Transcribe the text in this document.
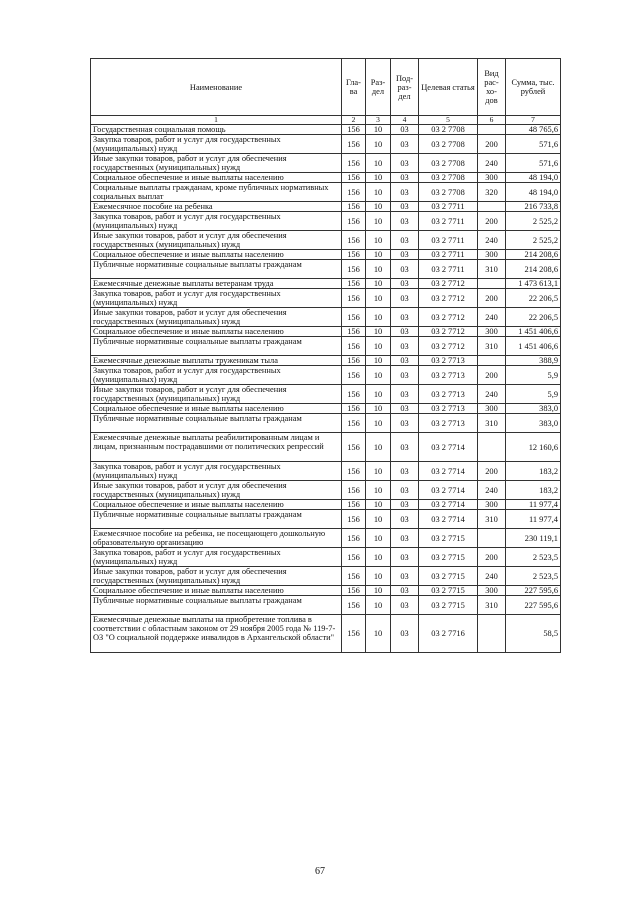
Наименование	Гла-ва	Раз-дел	Под-раз-дел	Целевая статья	Вид рас-хо-дов	Сумма, тыс. рублей
1	2	3	4	5	6	7
Государственная социальная помощь	156	10	03	03 2 7708		48 765,6
Закупка товаров, работ и услуг для государственных (муниципальных) нужд	156	10	03	03 2 7708	200	571,6
Иные закупки товаров, работ и услуг для обеспечения государственных (муниципальных) нужд	156	10	03	03 2 7708	240	571,6
Социальное обеспечение и иные выплаты населению	156	10	03	03 2 7708	300	48 194,0
Социальные выплаты гражданам, кроме публичных нормативных социальных выплат	156	10	03	03 2 7708	320	48 194,0
Ежемесячное пособие на ребенка	156	10	03	03 2 7711		216 733,8
Закупка товаров, работ и услуг для государственных (муниципальных) нужд	156	10	03	03 2 7711	200	2 525,2
Иные закупки товаров, работ и услуг для обеспечения государственных (муниципальных) нужд	156	10	03	03 2 7711	240	2 525,2
Социальное обеспечение и иные выплаты населению	156	10	03	03 2 7711	300	214 208,6
Публичные нормативные социальные выплаты гражданам	156	10	03	03 2 7711	310	214 208,6
Ежемесячные денежные выплаты ветеранам труда	156	10	03	03 2 7712		1 473 613,1
Закупка товаров, работ и услуг для государственных (муниципальных) нужд	156	10	03	03 2 7712	200	22 206,5
Иные закупки товаров, работ и услуг для обеспечения государственных (муниципальных) нужд	156	10	03	03 2 7712	240	22 206,5
Социальное обеспечение и иные выплаты населению	156	10	03	03 2 7712	300	1 451 406,6
Публичные нормативные социальные выплаты гражданам	156	10	03	03 2 7712	310	1 451 406,6
Ежемесячные денежные выплаты труженикам тыла	156	10	03	03 2 7713		388,9
Закупка товаров, работ и услуг для государственных (муниципальных) нужд	156	10	03	03 2 7713	200	5,9
Иные закупки товаров, работ и услуг для обеспечения государственных (муниципальных) нужд	156	10	03	03 2 7713	240	5,9
Социальное обеспечение и иные выплаты населению	156	10	03	03 2 7713	300	383,0
Публичные нормативные социальные выплаты гражданам	156	10	03	03 2 7713	310	383,0
Ежемесячные денежные выплаты реабилитированным лицам и лицам, признанным пострадавшими от политических репрессий	156	10	03	03 2 7714		12 160,6
Закупка товаров, работ и услуг для государственных (муниципальных) нужд	156	10	03	03 2 7714	200	183,2
Иные закупки товаров, работ и услуг для обеспечения государственных (муниципальных) нужд	156	10	03	03 2 7714	240	183,2
Социальное обеспечение и иные выплаты населению	156	10	03	03 2 7714	300	11 977,4
Публичные нормативные социальные выплаты гражданам	156	10	03	03 2 7714	310	11 977,4
Ежемесячное пособие на ребенка, не посещающего дошкольную образовательную организацию	156	10	03	03 2 7715		230 119,1
Закупка товаров, работ и услуг для государственных (муниципальных) нужд	156	10	03	03 2 7715	200	2 523,5
Иные закупки товаров, работ и услуг для обеспечения государственных (муниципальных) нужд	156	10	03	03 2 7715	240	2 523,5
Социальное обеспечение и иные выплаты населению	156	10	03	03 2 7715	300	227 595,6
Публичные нормативные социальные выплаты гражданам	156	10	03	03 2 7715	310	227 595,6
Ежемесячные денежные выплаты на приобретение топлива в соответствии с областным законом от 29 ноября 2005 года № 119-7-ОЗ "О социальной поддержке инвалидов в Архангельской области"	156	10	03	03 2 7716		58,5
67
